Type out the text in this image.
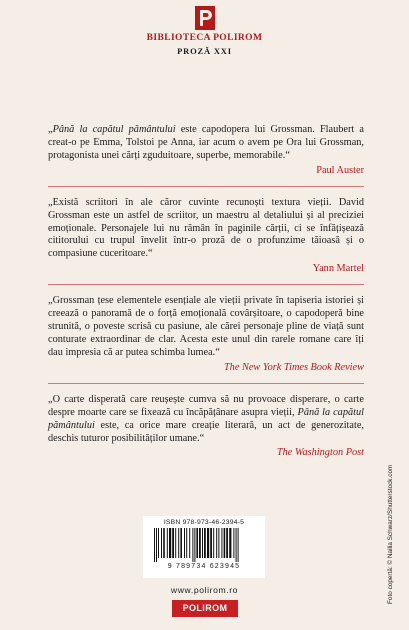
BIBLIOTECA POLIROM
PROZĂ XXI

„Până la capătul pământului este capodopera lui Grossman. Flaubert a creat-o pe Emma, Tolstoi pe Anna, iar acum o avem pe Ora lui Grossman, protagonista unei cărți zguduitoare, superbe, memorabile.“

Paul Auster

„Există scriitori în ale căror cuvinte recunoști textura vieții. David Grossman este un astfel de scriitor, un maestru al detaliului și al preciziei emoționale. Personajele lui nu rămân în paginile cărții, ci se înfățișează cititorului cu trupul învelit într-o proză de o profunzime tăioasă și o compasiune cuceritoare.“

Yann Martel

„Grossman țese elementele esențiale ale vieții private în tapiseria istoriei și creează o panoramă de o forță emoțională covârșitoare, o capodoperă bine strunită, o poveste scrisă cu pasiune, ale cărei personaje pline de viață sunt conturate extraordinar de clar. Acesta este unul din rarele romane care îți dau impresia că ar putea schimba lumea.“

The New York Times Book Review

„O carte disperată care reușește cumva să nu provoace disperare, o carte despre moarte care se fixează cu încăpățânare asupra vieții, Până la capătul pământului este, ca orice mare creație literară, un act de generozitate, deschis tuturor posibilităților umane.“

The Washington Post
Foto copertă: © Nailia Schwarz/Shutterstock.com
ISBN 978-973-46-2394-5
9 789734 623945
www.polirom.ro
POLIROM
